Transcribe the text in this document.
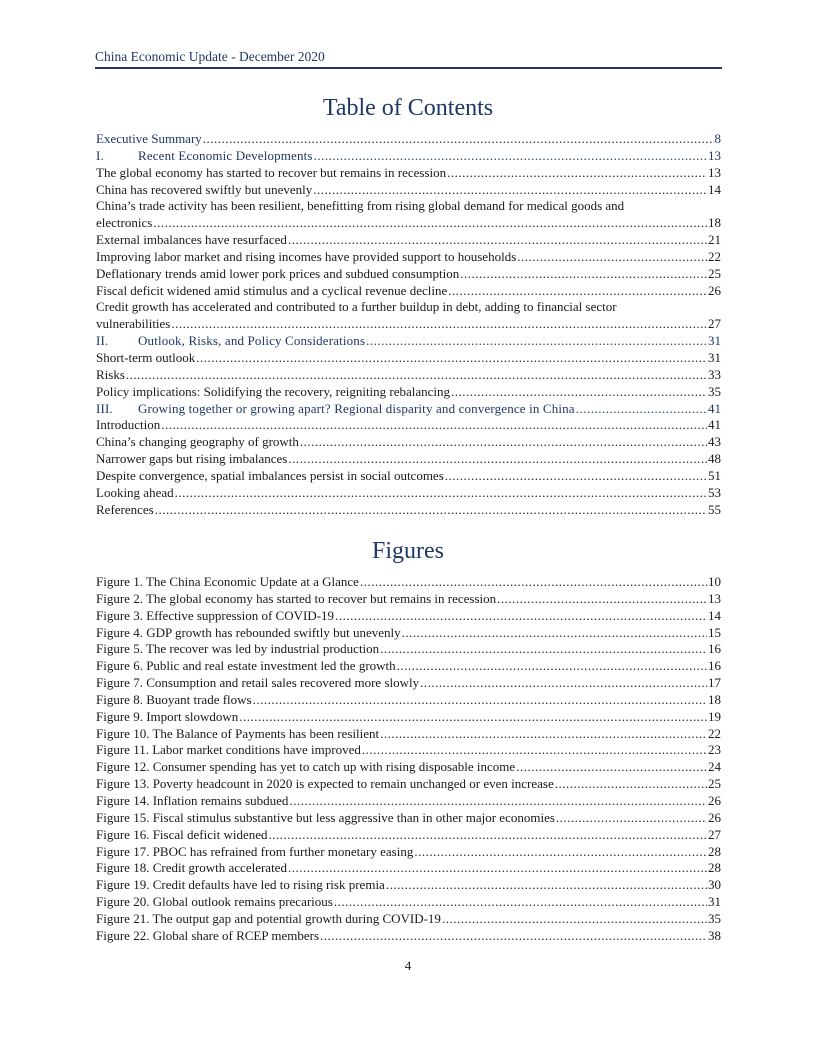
China Economic Update - December 2020
Table of Contents
Executive Summary .....	8
I.	Recent Economic Developments .....	13
The global economy has started to recover but remains in recession .....	13
China has recovered swiftly but unevenly .....	14
China’s trade activity has been resilient, benefitting from rising global demand for medical goods and
electronics .....	18
External imbalances have resurfaced .....	21
Improving labor market and rising incomes have provided support to households .....	22
Deflationary trends amid lower pork prices and subdued consumption .....	25
Fiscal deficit widened amid stimulus and a cyclical revenue decline .....	26
Credit growth has accelerated and contributed to a further buildup in debt, adding to financial sector
vulnerabilities .....	27
II. Outlook, Risks, and Policy Considerations .....	31
Short-term outlook .....	31
Risks .....	33
Policy implications: Solidifying the recovery, reigniting rebalancing .....	35
III. Growing together or growing apart? Regional disparity and convergence in China .....	41
Introduction .....	41
China’s changing geography of growth .....	43
Narrower gaps but rising imbalances .....	48
Despite convergence, spatial imbalances persist in social outcomes .....	51
Looking ahead .....	53
References .....	55
Figures
Figure 1. The China Economic Update at a Glance .....	10
Figure 2. The global economy has started to recover but remains in recession .....	13
Figure 3. Effective suppression of COVID-19 .....	14
Figure 4. GDP growth has rebounded swiftly but unevenly .....	15
Figure 5. The recover was led by industrial production .....	16
Figure 6. Public and real estate investment led the growth .....	16
Figure 7. Consumption and retail sales recovered more slowly .....	17
Figure 8. Buoyant trade flows .....	18
Figure 9. Import slowdown .....	19
Figure 10. The Balance of Payments has been resilient .....	22
Figure 11. Labor market conditions have improved .....	23
Figure 12. Consumer spending has yet to catch up with rising disposable income .....	24
Figure 13. Poverty headcount in 2020 is expected to remain unchanged or even increase .....	25
Figure 14. Inflation remains subdued .....	26
Figure 15. Fiscal stimulus substantive but less aggressive than in other major economies .....	26
Figure 16. Fiscal deficit widened .....	27
Figure 17. PBOC has refrained from further monetary easing .....	28
Figure 18. Credit growth accelerated .....	28
Figure 19. Credit defaults have led to rising risk premia .....	30
Figure 20. Global outlook remains precarious .....	31
Figure 21. The output gap and potential growth during COVID-19 .....	35
Figure 22. Global share of RCEP members .....	38
4
